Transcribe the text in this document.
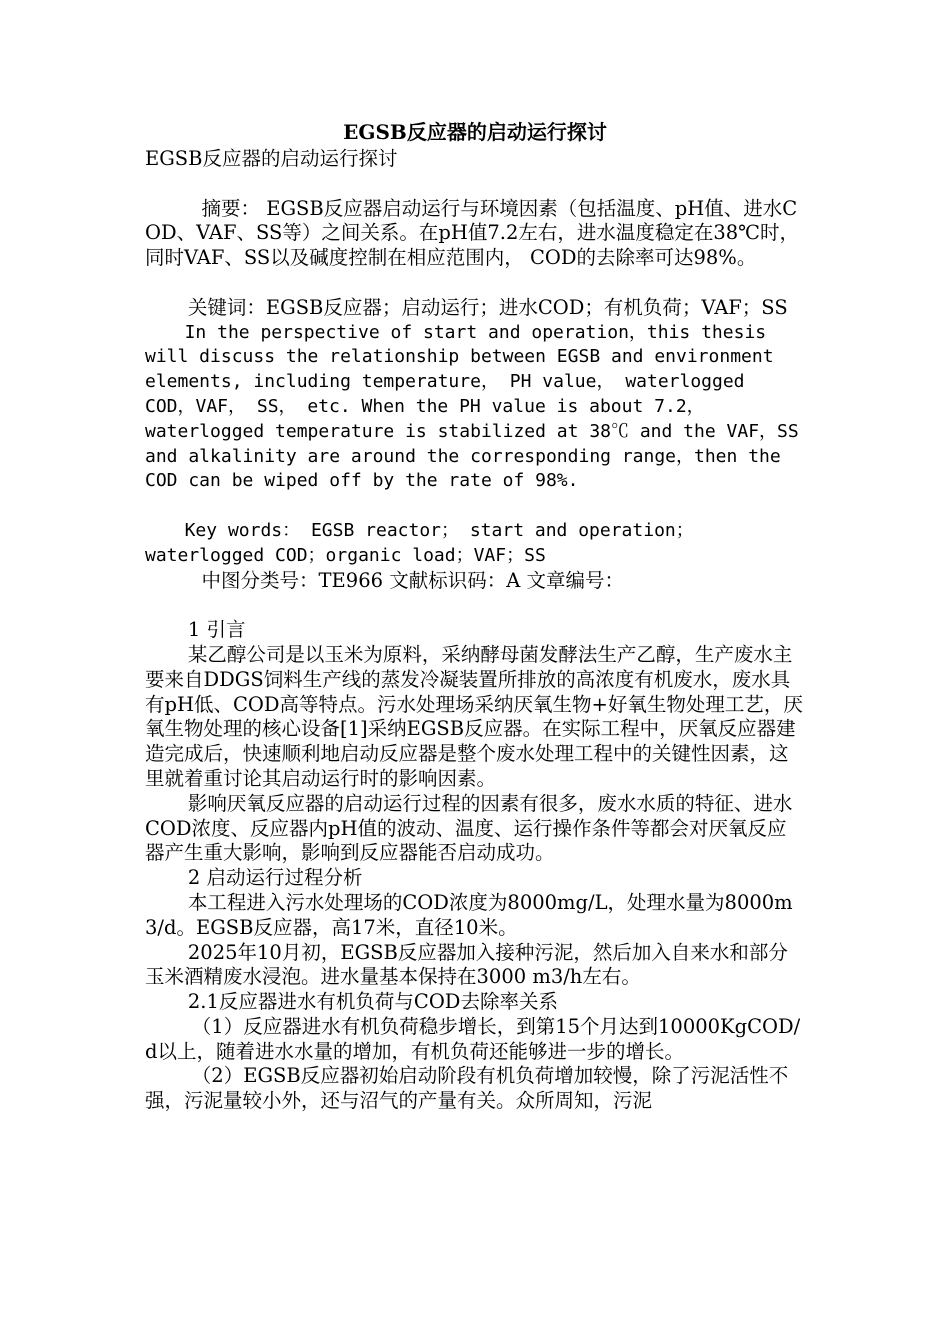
EGSB反应器的启动运行探讨

EGSB反应器的启动运行探讨

摘要： EGSB反应器启动运行与环境因素（包括温度、pH值、进水COD、VAF、SS等）之间关系。在pH值7.2左右，进水温度稳定在38℃时，同时VAF、SS以及碱度控制在相应范围内， COD的去除率可达98%。

关键词：EGSB反应器；启动运行；进水COD；有机负荷；VAF；SS

In the perspective of start and operation，this thesis will discuss the relationship between EGSB and environment elements, including temperature， PH value， waterlogged COD，VAF， SS， etc. When the PH value is about 7.2，waterlogged temperature is stabilized at 38℃ and the VAF，SS and alkalinity are around the corresponding range，then the COD can be wiped off by the rate of 98%.

Key words： EGSB reactor； start and operation；waterlogged COD；organic load；VAF；SS

中图分类号：TE966 文献标识码：A 文章编号：

1 引言

某乙醇公司是以玉米为原料，采纳酵母菌发酵法生产乙醇，生产废水主要来自DDGS饲料生产线的蒸发冷凝装置所排放的高浓度有机废水，废水具有pH低、COD高等特点。污水处理场采纳厌氧生物+好氧生物处理工艺，厌氧生物处理的核心设备[1]采纳EGSB反应器。在实际工程中，厌氧反应器建造完成后，快速顺利地启动反应器是整个废水处理工程中的关键性因素，这里就着重讨论其启动运行时的影响因素。

影响厌氧反应器的启动运行过程的因素有很多，废水水质的特征、进水COD浓度、反应器内pH值的波动、温度、运行操作条件等都会对厌氧反应器产生重大影响，影响到反应器能否启动成功。

2 启动运行过程分析

本工程进入污水处理场的COD浓度为8000mg/L，处理水量为8000m3/d。EGSB反应器，高17米，直径10米。

2025年10月初，EGSB反应器加入接种污泥，然后加入自来水和部分玉米酒精废水浸泡。进水量基本保持在3000 m3/h左右。

2.1反应器进水有机负荷与COD去除率关系

（1）反应器进水有机负荷稳步增长，到第15个月达到10000KgCOD/d以上，随着进水水量的增加，有机负荷还能够进一步的增长。

（2）EGSB反应器初始启动阶段有机负荷增加较慢，除了污泥活性不强，污泥量较小外，还与沼气的产量有关。众所周知，污泥
